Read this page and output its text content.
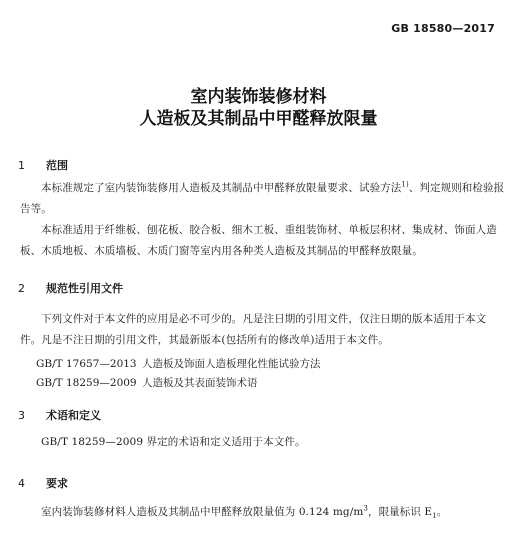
GB 18580—2017
室内装饰装修材料
人造板及其制品中甲醛释放限量
1 范围
本标准规定了室内装饰装修用人造板及其制品中甲醛释放限量要求、试验方法$^{1)}$、判定规则和检验报告等。
本标准适用于纤维板、刨花板、胶合板、细木工板、重组装饰材、单板层积材、集成材、饰面人造板、木质地板、木质墙板、木质门窗等室内用各种类人造板及其制品的甲醛释放限量。
2 规范性引用文件
下列文件对于本文件的应用是必不可少的。凡是注日期的引用文件，仅注日期的版本适用于本文件。凡是不注日期的引用文件，其最新版本(包括所有的修改单)适用于本文件。
GB/T 17657—2013 人造板及饰面人造板理化性能试验方法
GB/T 18259—2009 人造板及其表面装饰术语
3 术语和定义
GB/T 18259—2009 界定的术语和定义适用于本文件。
4 要求
室内装饰装修材料人造板及其制品中甲醛释放限量值为 0.124 $mg/m^3$，限量标识 $E_1$。
